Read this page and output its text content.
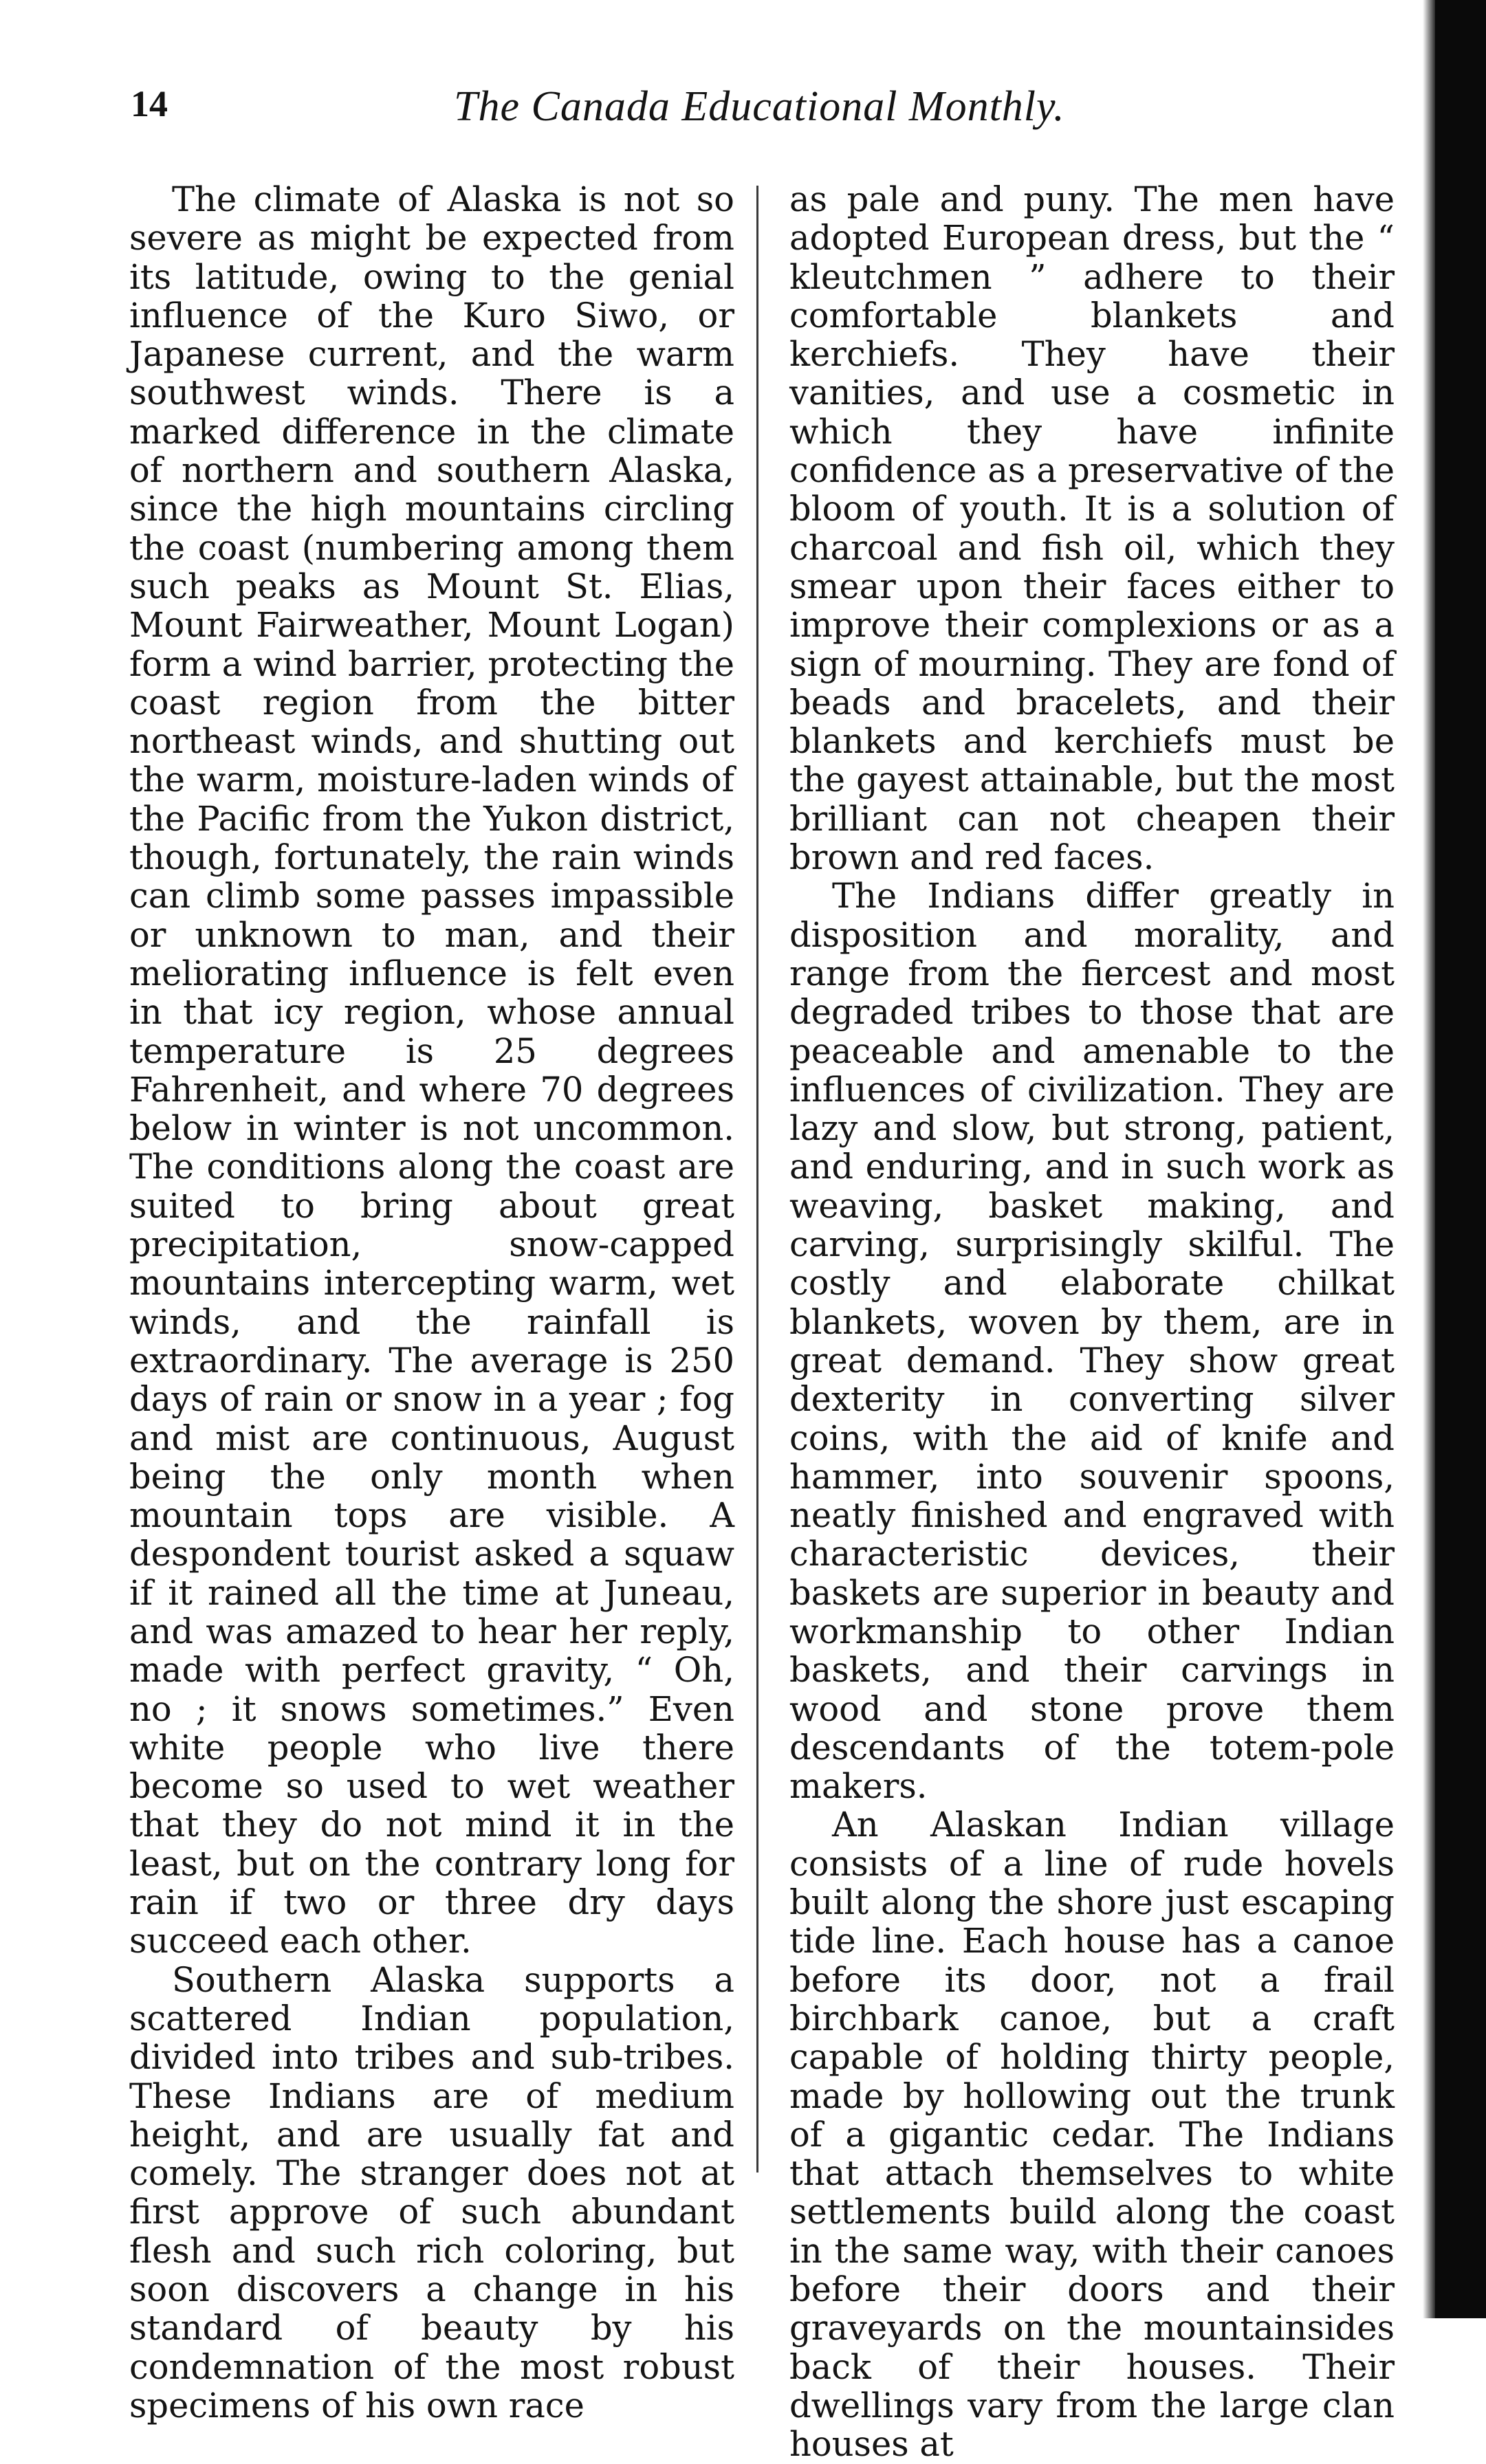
14	The Canada Educational Monthly.

The climate of Alaska is not so severe as might be expected from its latitude, owing to the genial influence of the Kuro Siwo, or Japanese current, and the warm southwest winds. There is a marked difference in the climate of northern and southern Alaska, since the high mountains circling the coast (numbering among them such peaks as Mount St. Elias, Mount Fairweather, Mount Logan) form a wind barrier, protecting the coast region from the bitter northeast winds, and shutting out the warm, moisture-laden winds of the Pacific from the Yukon district, though, fortunately, the rain winds can climb some passes impassible or unknown to man, and their meliorating influence is felt even in that icy region, whose annual temperature is 25 degrees Fahrenheit, and where 70 degrees below in winter is not uncommon. The conditions along the coast are suited to bring about great precipitation, snow-capped mountains intercepting warm, wet winds, and the rainfall is extraordinary. The average is 250 days of rain or snow in a year ; fog and mist are continuous, August being the only month when mountain tops are visible. A despondent tourist asked a squaw if it rained all the time at Juneau, and was amazed to hear her reply, made with perfect gravity, “ Oh, no ; it snows sometimes.” Even white people who live there become so used to wet weather that they do not mind it in the least, but on the contrary long for rain if two or three dry days succeed each other.

Southern Alaska supports a scattered Indian population, divided into tribes and sub-tribes. These Indians are of medium height, and are usually fat and comely. The stranger does not at first approve of such abundant flesh and such rich coloring, but soon discovers a change in his standard of beauty by his condemnation of the most robust specimens of his own race

as pale and puny. The men have adopted European dress, but the “ kleutchmen ” adhere to their comfortable blankets and kerchiefs. They have their vanities, and use a cosmetic in which they have infinite confidence as a preservative of the bloom of youth. It is a solution of charcoal and fish oil, which they smear upon their faces either to improve their complexions or as a sign of mourning. They are fond of beads and bracelets, and their blankets and kerchiefs must be the gayest attainable, but the most brilliant can not cheapen their brown and red faces.

The Indians differ greatly in disposition and morality, and range from the fiercest and most degraded tribes to those that are peaceable and amenable to the influences of civilization. They are lazy and slow, but strong, patient, and enduring, and in such work as weaving, basket making, and carving, surprisingly skilful. The costly and elaborate chilkat blankets, woven by them, are in great demand. They show great dexterity in converting silver coins, with the aid of knife and hammer, into souvenir spoons, neatly finished and engraved with characteristic devices, their baskets are superior in beauty and workmanship to other Indian baskets, and their carvings in wood and stone prove them descendants of the totem-pole makers.

An Alaskan Indian village consists of a line of rude hovels built along the shore just escaping tide line. Each house has a canoe before its door, not a frail birchbark canoe, but a craft capable of holding thirty people, made by hollowing out the trunk of a gigantic cedar. The Indians that attach themselves to white settlements build along the coast in the same way, with their canoes before their doors and their graveyards on the mountainsides back of their houses. Their dwellings vary from the large clan houses at
